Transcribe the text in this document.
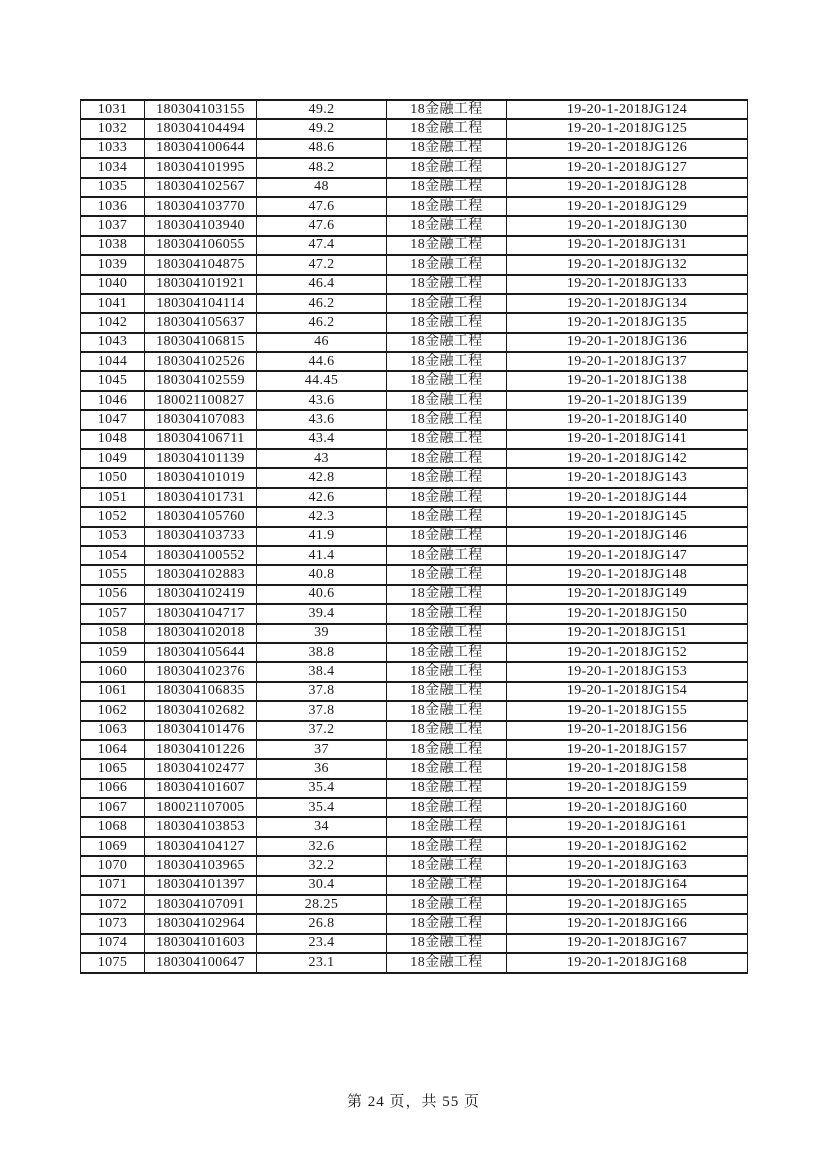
1031	180304103155	49.2	18金融工程	19-20-1-2018JG124
1032	180304104494	49.2	18金融工程	19-20-1-2018JG125
1033	180304100644	48.6	18金融工程	19-20-1-2018JG126
1034	180304101995	48.2	18金融工程	19-20-1-2018JG127
1035	180304102567	48	18金融工程	19-20-1-2018JG128
1036	180304103770	47.6	18金融工程	19-20-1-2018JG129
1037	180304103940	47.6	18金融工程	19-20-1-2018JG130
1038	180304106055	47.4	18金融工程	19-20-1-2018JG131
1039	180304104875	47.2	18金融工程	19-20-1-2018JG132
1040	180304101921	46.4	18金融工程	19-20-1-2018JG133
1041	180304104114	46.2	18金融工程	19-20-1-2018JG134
1042	180304105637	46.2	18金融工程	19-20-1-2018JG135
1043	180304106815	46	18金融工程	19-20-1-2018JG136
1044	180304102526	44.6	18金融工程	19-20-1-2018JG137
1045	180304102559	44.45	18金融工程	19-20-1-2018JG138
1046	180021100827	43.6	18金融工程	19-20-1-2018JG139
1047	180304107083	43.6	18金融工程	19-20-1-2018JG140
1048	180304106711	43.4	18金融工程	19-20-1-2018JG141
1049	180304101139	43	18金融工程	19-20-1-2018JG142
1050	180304101019	42.8	18金融工程	19-20-1-2018JG143
1051	180304101731	42.6	18金融工程	19-20-1-2018JG144
1052	180304105760	42.3	18金融工程	19-20-1-2018JG145
1053	180304103733	41.9	18金融工程	19-20-1-2018JG146
1054	180304100552	41.4	18金融工程	19-20-1-2018JG147
1055	180304102883	40.8	18金融工程	19-20-1-2018JG148
1056	180304102419	40.6	18金融工程	19-20-1-2018JG149
1057	180304104717	39.4	18金融工程	19-20-1-2018JG150
1058	180304102018	39	18金融工程	19-20-1-2018JG151
1059	180304105644	38.8	18金融工程	19-20-1-2018JG152
1060	180304102376	38.4	18金融工程	19-20-1-2018JG153
1061	180304106835	37.8	18金融工程	19-20-1-2018JG154
1062	180304102682	37.8	18金融工程	19-20-1-2018JG155
1063	180304101476	37.2	18金融工程	19-20-1-2018JG156
1064	180304101226	37	18金融工程	19-20-1-2018JG157
1065	180304102477	36	18金融工程	19-20-1-2018JG158
1066	180304101607	35.4	18金融工程	19-20-1-2018JG159
1067	180021107005	35.4	18金融工程	19-20-1-2018JG160
1068	180304103853	34	18金融工程	19-20-1-2018JG161
1069	180304104127	32.6	18金融工程	19-20-1-2018JG162
1070	180304103965	32.2	18金融工程	19-20-1-2018JG163
1071	180304101397	30.4	18金融工程	19-20-1-2018JG164
1072	180304107091	28.25	18金融工程	19-20-1-2018JG165
1073	180304102964	26.8	18金融工程	19-20-1-2018JG166
1074	180304101603	23.4	18金融工程	19-20-1-2018JG167
1075	180304100647	23.1	18金融工程	19-20-1-2018JG168
第 24 页，共 55 页
